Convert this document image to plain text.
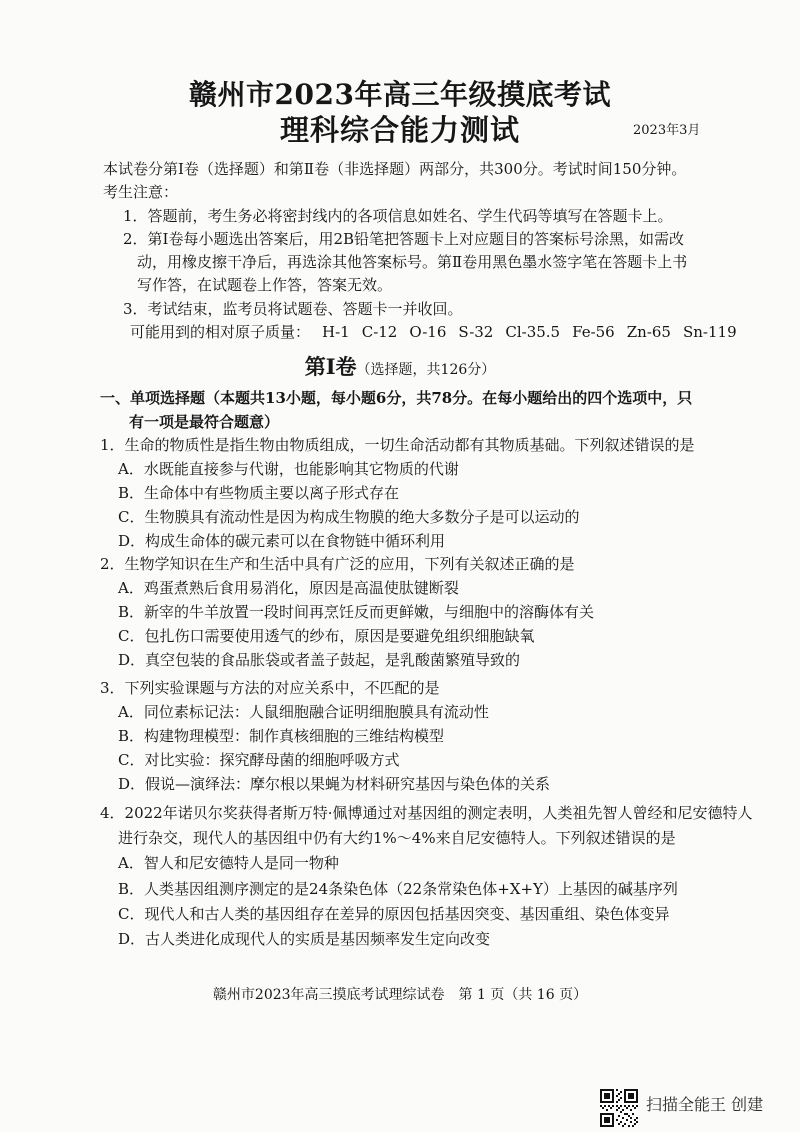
赣州市2023年高三年级摸底考试
理科综合能力测试	2023年3月
本试卷分第Ⅰ卷（选择题）和第Ⅱ卷（非选择题）两部分，共300分。考试时间150分钟。
考生注意：
1．答题前，考生务必将密封线内的各项信息如姓名、学生代码等填写在答题卡上。
2．第Ⅰ卷每小题选出答案后，用2B铅笔把答题卡上对应题目的答案标号涂黑，如需改
动，用橡皮擦干净后，再选涂其他答案标号。第Ⅱ卷用黑色墨水签字笔在答题卡上书
写作答，在试题卷上作答，答案无效。
3．考试结束，监考员将试题卷、答题卡一并收回。
可能用到的相对原子质量： H-1 C-12 O-16 S-32 Cl-35.5 Fe-56 Zn-65 Sn-119
第Ⅰ卷（选择题，共126分）
一、单项选择题（本题共13小题，每小题6分，共78分。在每小题给出的四个选项中，只
有一项是最符合题意）
1．生命的物质性是指生物由物质组成，一切生命活动都有其物质基础。下列叙述错误的是
A．水既能直接参与代谢，也能影响其它物质的代谢
B．生命体中有些物质主要以离子形式存在
C．生物膜具有流动性是因为构成生物膜的绝大多数分子是可以运动的
D．构成生命体的碳元素可以在食物链中循环利用
2．生物学知识在生产和生活中具有广泛的应用，下列有关叙述正确的是
A．鸡蛋煮熟后食用易消化，原因是高温使肽键断裂
B．新宰的牛羊放置一段时间再烹饪反而更鲜嫩，与细胞中的溶酶体有关
C．包扎伤口需要使用透气的纱布，原因是要避免组织细胞缺氧
D．真空包装的食品胀袋或者盖子鼓起，是乳酸菌繁殖导致的
3．下列实验课题与方法的对应关系中，不匹配的是
A．同位素标记法：人鼠细胞融合证明细胞膜具有流动性
B．构建物理模型：制作真核细胞的三维结构模型
C．对比实验：探究酵母菌的细胞呼吸方式
D．假说—演绎法：摩尔根以果蝇为材料研究基因与染色体的关系
4．2022年诺贝尔奖获得者斯万特·佩博通过对基因组的测定表明，人类祖先智人曾经和尼安德特人
进行杂交，现代人的基因组中仍有大约1%～4%来自尼安德特人。下列叙述错误的是
A．智人和尼安德特人是同一物种
B．人类基因组测序测定的是24条染色体（22条常染色体+X+Y）上基因的碱基序列
C．现代人和古人类的基因组存在差异的原因包括基因突变、基因重组、染色体变异
D．古人类进化成现代人的实质是基因频率发生定向改变
赣州市2023年高三摸底考试理综试卷 第 1 页（共 16 页）
扫描全能王 创建
